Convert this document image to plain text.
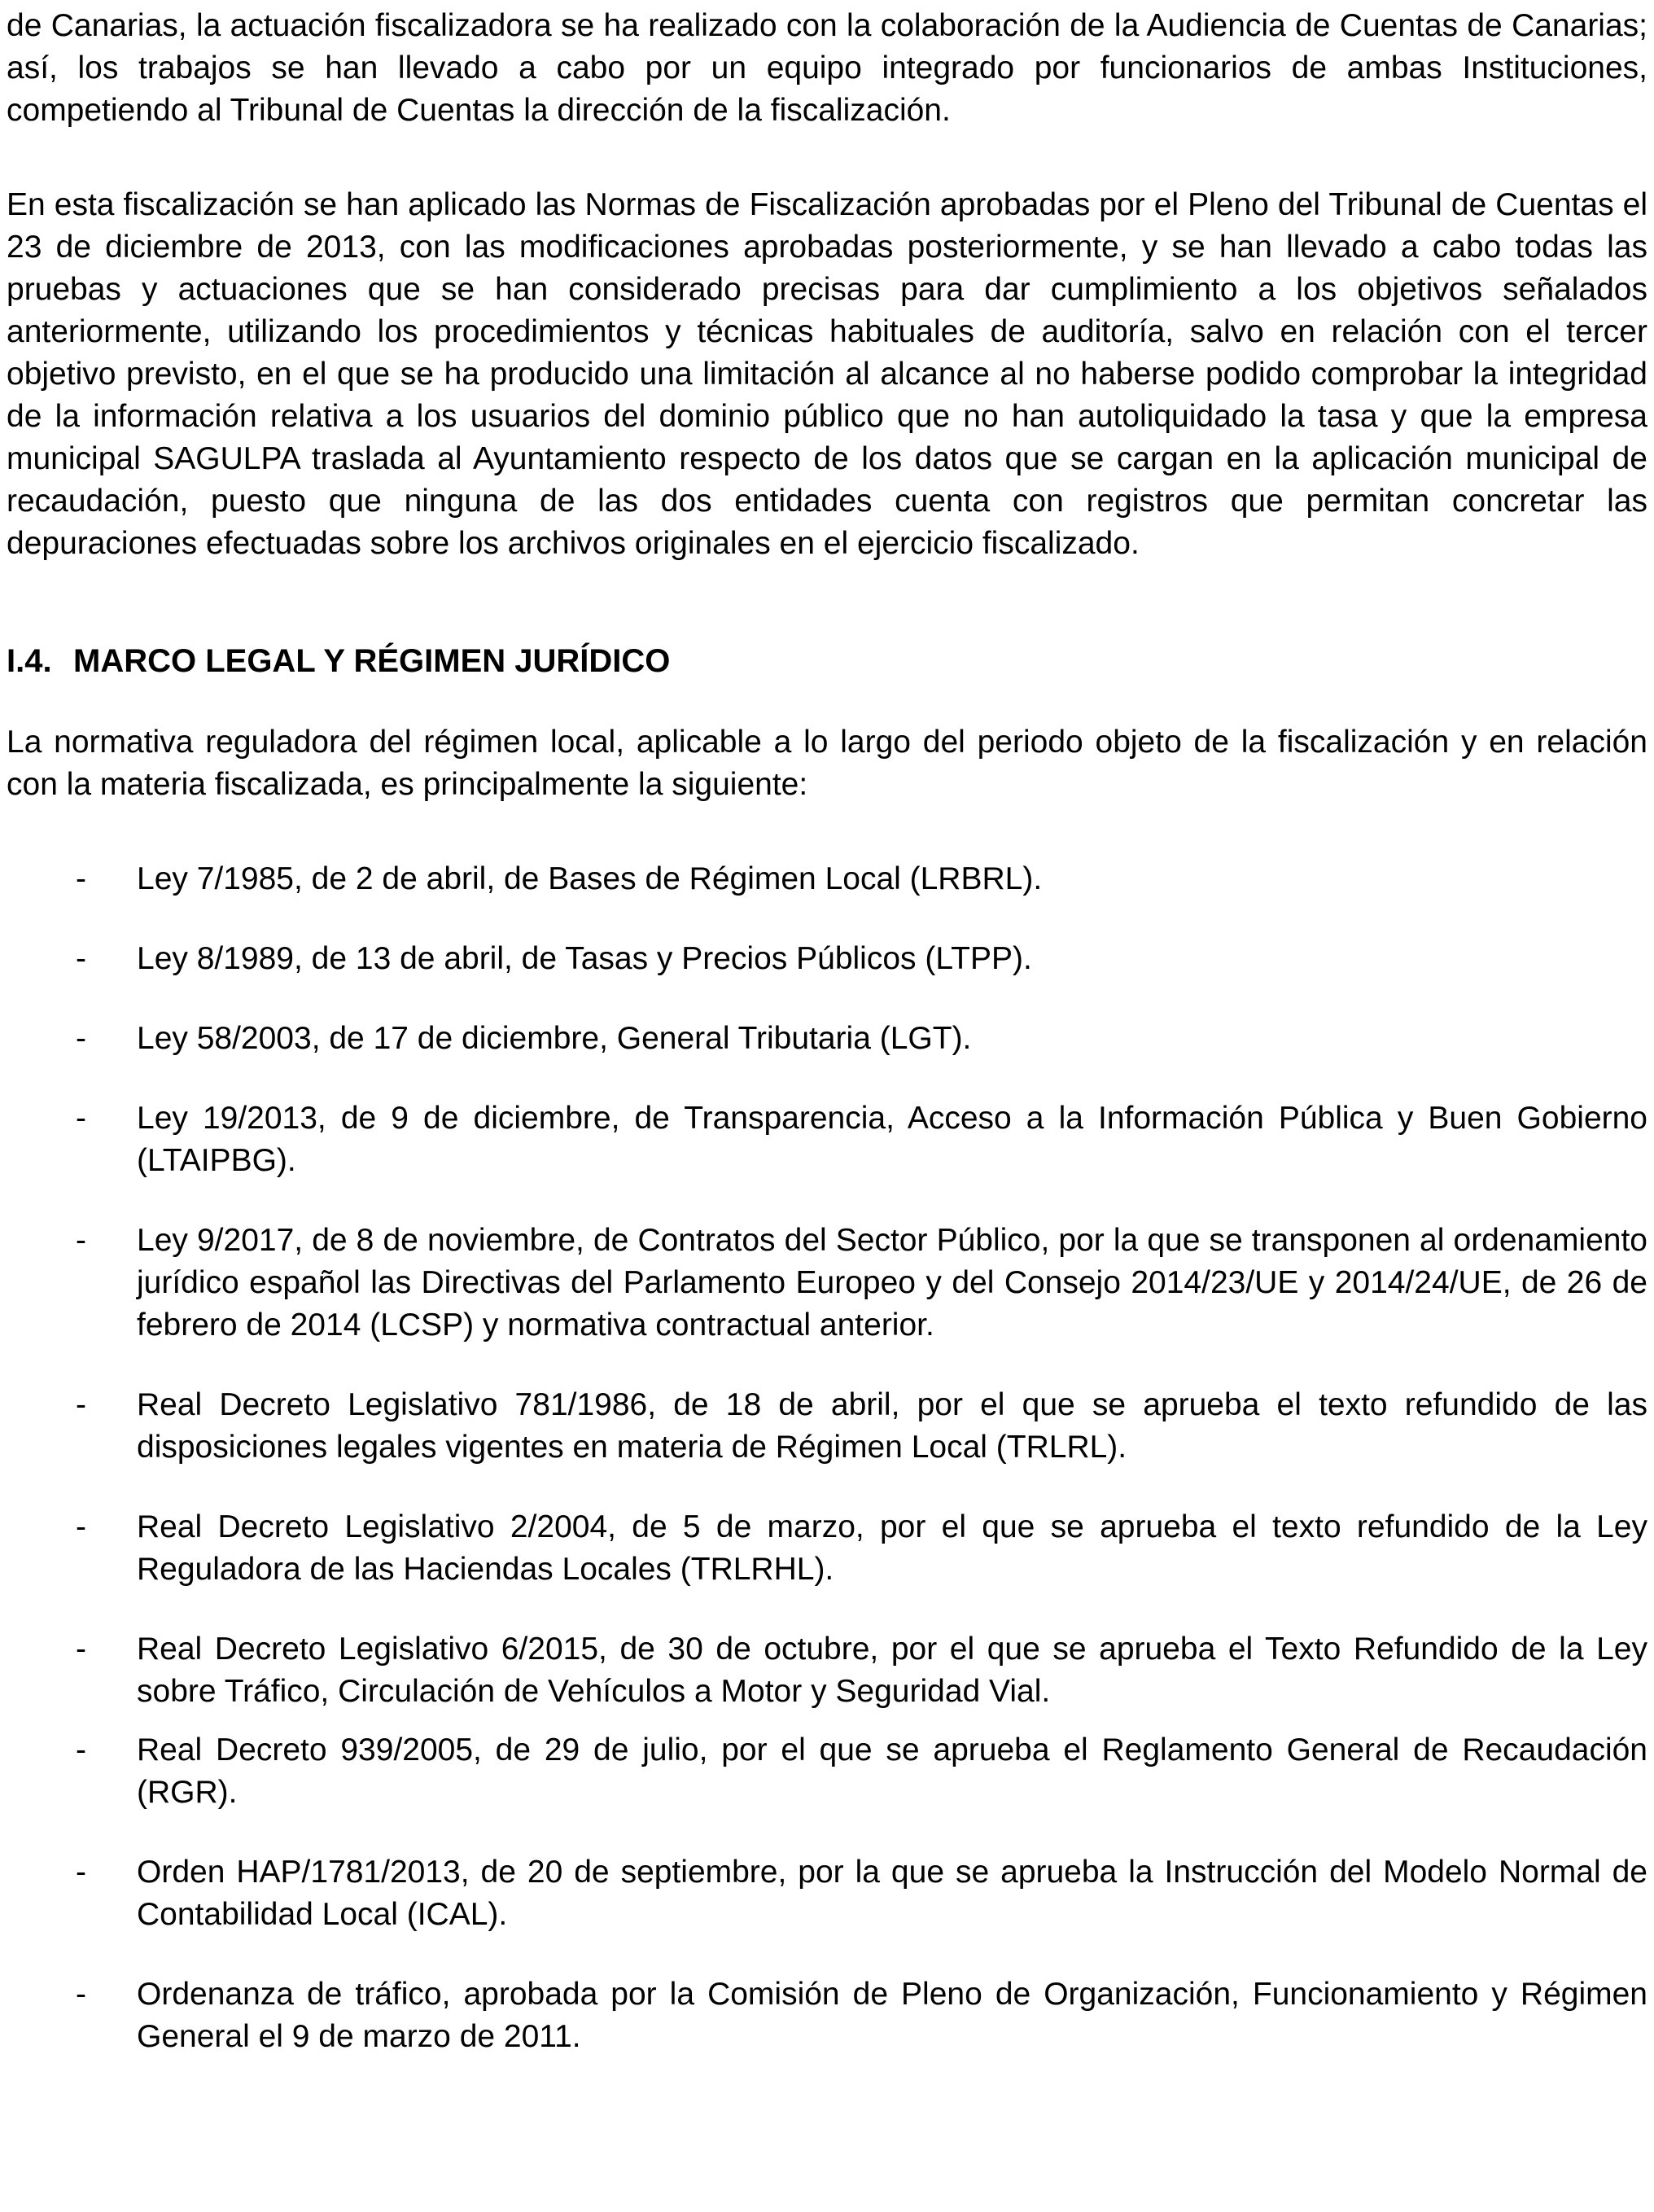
de Canarias, la actuación fiscalizadora se ha realizado con la colaboración de la Audiencia de Cuentas de Canarias; así, los trabajos se han llevado a cabo por un equipo integrado por funcionarios de ambas Instituciones, competiendo al Tribunal de Cuentas la dirección de la fiscalización.

En esta fiscalización se han aplicado las Normas de Fiscalización aprobadas por el Pleno del Tribunal de Cuentas el 23 de diciembre de 2013, con las modificaciones aprobadas posteriormente, y se han llevado a cabo todas las pruebas y actuaciones que se han considerado precisas para dar cumplimiento a los objetivos señalados anteriormente, utilizando los procedimientos y técnicas habituales de auditoría, salvo en relación con el tercer objetivo previsto, en el que se ha producido una limitación al alcance al no haberse podido comprobar la integridad de la información relativa a los usuarios del dominio público que no han autoliquidado la tasa y que la empresa municipal SAGULPA traslada al Ayuntamiento respecto de los datos que se cargan en la aplicación municipal de recaudación, puesto que ninguna de las dos entidades cuenta con registros que permitan concretar las depuraciones efectuadas sobre los archivos originales en el ejercicio fiscalizado.

I.4. MARCO LEGAL Y RÉGIMEN JURÍDICO

La normativa reguladora del régimen local, aplicable a lo largo del periodo objeto de la fiscalización y en relación con la materia fiscalizada, es principalmente la siguiente:

-	Ley 7/1985, de 2 de abril, de Bases de Régimen Local (LRBRL).
-	Ley 8/1989, de 13 de abril, de Tasas y Precios Públicos (LTPP).
-	Ley 58/2003, de 17 de diciembre, General Tributaria (LGT).
-	Ley 19/2013, de 9 de diciembre, de Transparencia, Acceso a la Información Pública y Buen Gobierno (LTAIPBG).
-	Ley 9/2017, de 8 de noviembre, de Contratos del Sector Público, por la que se transponen al ordenamiento jurídico español las Directivas del Parlamento Europeo y del Consejo 2014/23/UE y 2014/24/UE, de 26 de febrero de 2014 (LCSP) y normativa contractual anterior.
-	Real Decreto Legislativo 781/1986, de 18 de abril, por el que se aprueba el texto refundido de las disposiciones legales vigentes en materia de Régimen Local (TRLRL).
-	Real Decreto Legislativo 2/2004, de 5 de marzo, por el que se aprueba el texto refundido de la Ley Reguladora de las Haciendas Locales (TRLRHL).
-	Real Decreto Legislativo 6/2015, de 30 de octubre, por el que se aprueba el Texto Refundido de la Ley sobre Tráfico, Circulación de Vehículos a Motor y Seguridad Vial.
-	Real Decreto 939/2005, de 29 de julio, por el que se aprueba el Reglamento General de Recaudación (RGR).
-	Orden HAP/1781/2013, de 20 de septiembre, por la que se aprueba la Instrucción del Modelo Normal de Contabilidad Local (ICAL).
-	Ordenanza de tráfico, aprobada por la Comisión de Pleno de Organización, Funcionamiento y Régimen General el 9 de marzo de 2011.
